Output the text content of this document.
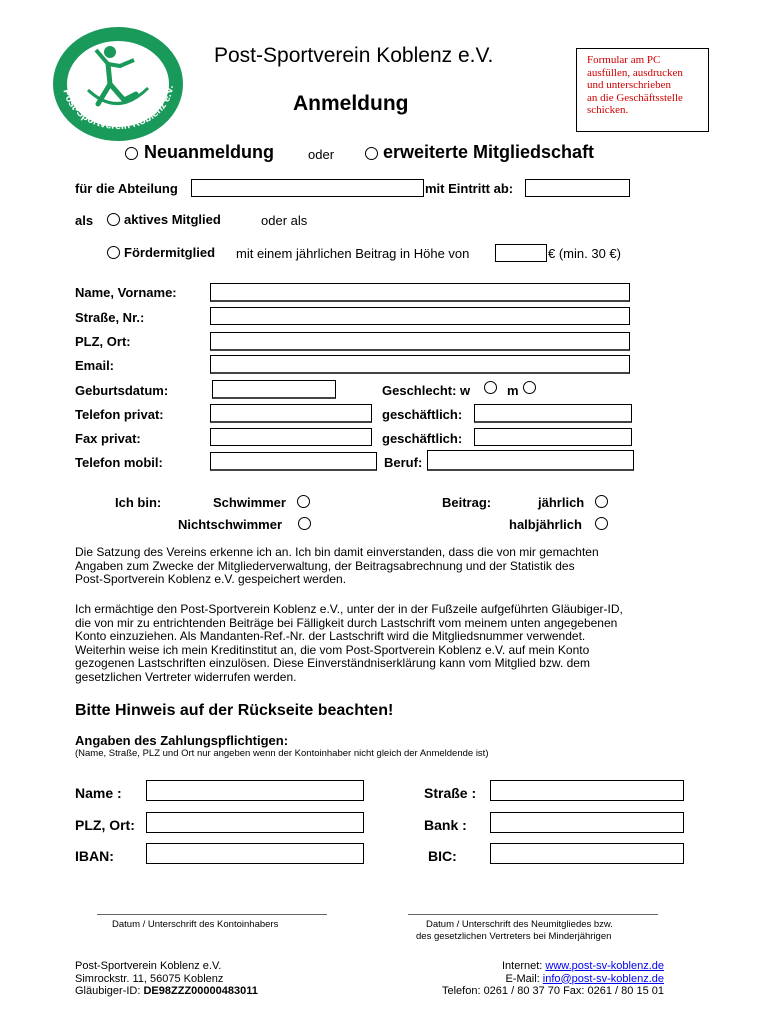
Post-Sportverein Koblenz e.V.
KOBLENZ
Post-Sportverein Koblenz e.V.
Anmeldung
Formular am PC
ausfüllen, ausdrucken
und unterschrieben
an die Geschäftsstelle
schicken.
Neuanmeldung	oder	erweiterte Mitgliedschaft
für die Abteilung	mit Eintritt ab:
als aktives Mitglied	oder als
Fördermitglied mit einem jährlichen Beitrag in Höhe von	€ (min. 30 €)
Name, Vorname:
Straße, Nr.:
PLZ, Ort:
Email:
Geburtsdatum:	Geschlecht: w	m
Telefon privat:	geschäftlich:
Fax privat:	geschäftlich:
Telefon mobil:	Beruf:
Ich bin:	Schwimmer
Nichtschwimmer
Beitrag:	jährlich
halbjährlich
Die Satzung des Vereins erkenne ich an. Ich bin damit einverstanden, dass die von mir gemachten
Angaben zum Zwecke der Mitgliederverwaltung, der Beitragsabrechnung und der Statistik des
Post-Sportverein Koblenz e.V. gespeichert werden.
Ich ermächtige den Post-Sportverein Koblenz e.V., unter der in der Fußzeile aufgeführten Gläubiger-ID,
die von mir zu entrichtenden Beiträge bei Fälligkeit durch Lastschrift vom meinem unten angegebenen
Konto einzuziehen. Als Mandanten-Ref.-Nr. der Lastschrift wird die Mitgliedsnummer verwendet.
Weiterhin weise ich mein Kreditinstitut an, die vom Post-Sportverein Koblenz e.V. auf mein Konto
gezogenen Lastschriften einzulösen. Diese Einverständniserklärung kann vom Mitglied bzw. dem
gesetzlichen Vertreter widerrufen werden.
Bitte Hinweis auf der Rückseite beachten!
Angaben des Zahlungspflichtigen:
(Name, Straße, PLZ und Ort nur angeben wenn der Kontoinhaber nicht gleich der Anmeldende ist)
Name :	Straße :
PLZ, Ort:	Bank :
IBAN:	BIC:
Datum / Unterschrift des Kontoinhabers	Datum / Unterschrift des Neumitgliedes bzw.
des gesetzlichen Vertreters bei Minderjährigen
Post-Sportverein Koblenz e.V.
Simrockstr. 11, 56075 Koblenz
Gläubiger-ID: DE98ZZZ00000483011
Internet: www.post-sv-koblenz.de
E-Mail: info@post-sv-koblenz.de
Telefon: 0261 / 80 37 70 Fax: 0261 / 80 15 01
